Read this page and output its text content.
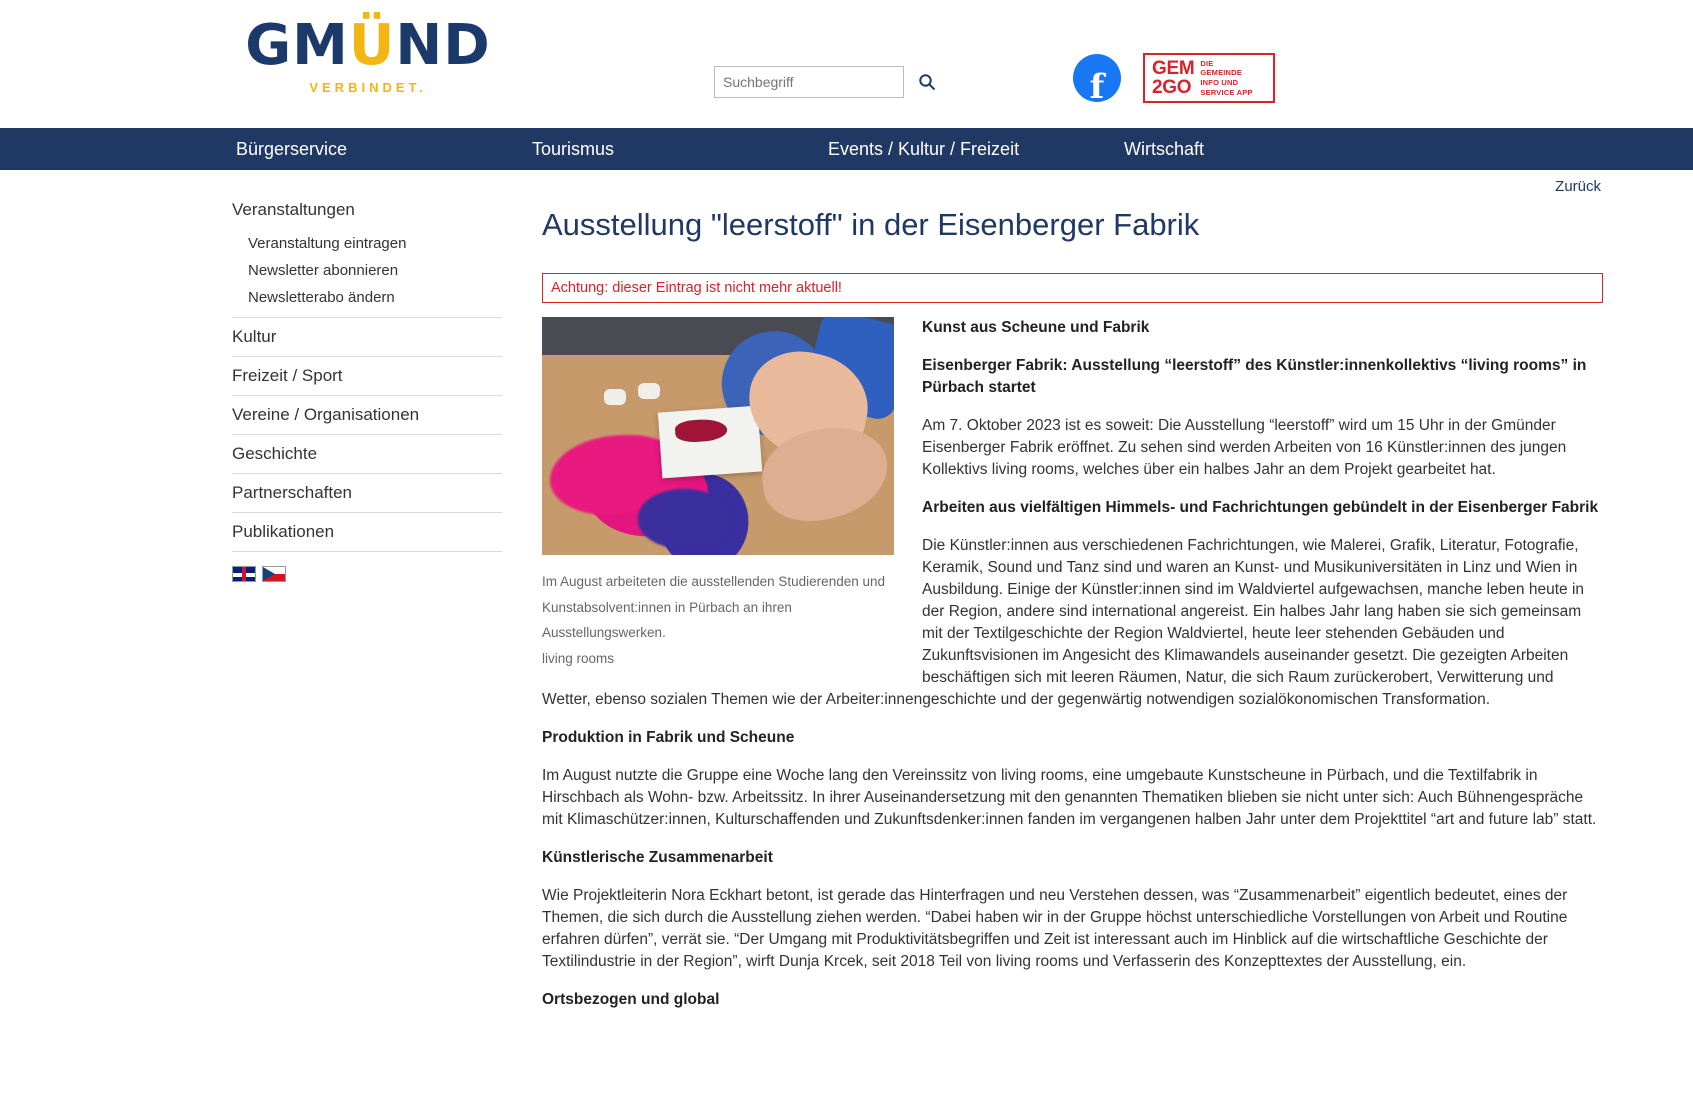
GMÜND
VERBINDET.
Suchbegriff	f	GEM
2GO
DIE
GEMEINDE
INFO UND
SERVICE APP
Bürgerservice	Tourismus	Events / Kultur / Freizeit	Wirtschaft
Veranstaltungen
Veranstaltung eintragen
Newsletter abonnieren
Newsletterabo ändern
Kultur
Freizeit / Sport
Vereine / Organisationen
Geschichte
Partnerschaften
Publikationen
Zurück
Ausstellung "leerstoff" in der Eisenberger Fabrik
Achtung: dieser Eintrag ist nicht mehr aktuell!
Im August arbeiteten die ausstellenden Studierenden und
Kunstabsolvent:innen in Pürbach an ihren Ausstellungswerken.
living rooms
Kunst aus Scheune und Fabrik
Eisenberger Fabrik: Ausstellung “leerstoff” des Künstler:innenkollektivs “living rooms” in Pürbach startet

Am 7. Oktober 2023 ist es soweit: Die Ausstellung “leerstoff” wird um 15 Uhr in der Gmünder Eisenberger Fabrik eröffnet. Zu sehen sind werden Arbeiten von 16 Künstler:innen des jungen Kollektivs living rooms, welches über ein halbes Jahr an dem Projekt gearbeitet hat.

Arbeiten aus vielfältigen Himmels- und Fachrichtungen gebündelt in der Eisenberger Fabrik

Die Künstler:innen aus verschiedenen Fachrichtungen, wie Malerei, Grafik, Literatur, Fotografie, Keramik, Sound und Tanz sind und waren an Kunst- und Musikuniversitäten in Linz und Wien in Ausbildung. Einige der Künstler:innen sind im Waldviertel aufgewachsen, manche leben heute in der Region, andere sind international angereist. Ein halbes Jahr lang haben sie sich gemeinsam mit der Textilgeschichte der Region Waldviertel, heute leer stehenden Gebäuden und Zukunftsvisionen im Angesicht des Klimawandels auseinander gesetzt. Die gezeigten Arbeiten beschäftigen sich mit leeren Räumen, Natur, die sich Raum zurückerobert, Verwitterung und Wetter, ebenso sozialen Themen wie der Arbeiter:innengeschichte und der gegenwärtig notwendigen sozialökonomischen Transformation.

Produktion in Fabrik und Scheune

Im August nutzte die Gruppe eine Woche lang den Vereinssitz von living rooms, eine umgebaute Kunstscheune in Pürbach, und die Textilfabrik in Hirschbach als Wohn- bzw. Arbeitssitz. In ihrer Auseinandersetzung mit den genannten Thematiken blieben sie nicht unter sich: Auch Bühnengespräche mit Klimaschützer:innen, Kulturschaffenden und Zukunftsdenker:innen fanden im vergangenen halben Jahr unter dem Projekttitel “art and future lab” statt.

Künstlerische Zusammenarbeit

Wie Projektleiterin Nora Eckhart betont, ist gerade das Hinterfragen und neu Verstehen dessen, was “Zusammenarbeit” eigentlich bedeutet, eines der Themen, die sich durch die Ausstellung ziehen werden. “Dabei haben wir in der Gruppe höchst unterschiedliche Vorstellungen von Arbeit und Routine erfahren dürfen”, verrät sie. “Der Umgang mit Produktivitätsbegriffen und Zeit ist interessant auch im Hinblick auf die wirtschaftliche Geschichte der Textilindustrie in der Region”, wirft Dunja Krcek, seit 2018 Teil von living rooms und Verfasserin des Konzepttextes der Ausstellung, ein.

Ortsbezogen und global
